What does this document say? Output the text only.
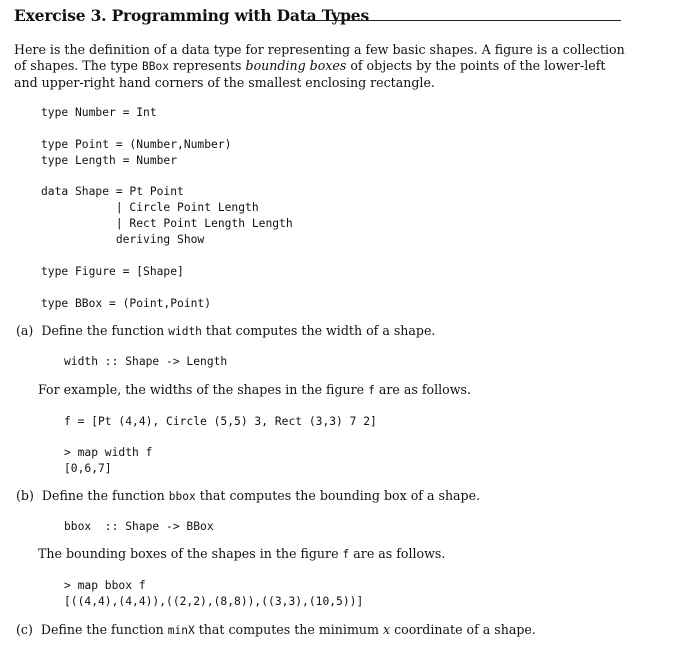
Exercise 3. Programming with Data Types
Here is the definition of a data type for representing a few basic shapes. A figure is a collection of shapes. The type BBox represents bounding boxes of objects by the points of the lower-left and upper-right hand corners of the smallest enclosing rectangle.
type Number = Int
type Point = (Number,Number)
type Length = Number
data Shape = Pt Point
| Circle Point Length
| Rect Point Length Length
deriving Show
type Figure = [Shape]
type BBox = (Point,Point)
(a) Define the function width that computes the width of a shape.
width :: Shape -> Length
For example, the widths of the shapes in the figure f are as follows.
f = [Pt (4,4), Circle (5,5) 3, Rect (3,3) 7 2]
> map width f
[0,6,7]
(b) Define the function bbox that computes the bounding box of a shape.
bbox  :: Shape -> BBox
The bounding boxes of the shapes in the figure f are as follows.
> map bbox f
[((4,4),(4,4)),((2,2),(8,8)),((3,3),(10,5))]
(c) Define the function minX that computes the minimum x coordinate of a shape.
